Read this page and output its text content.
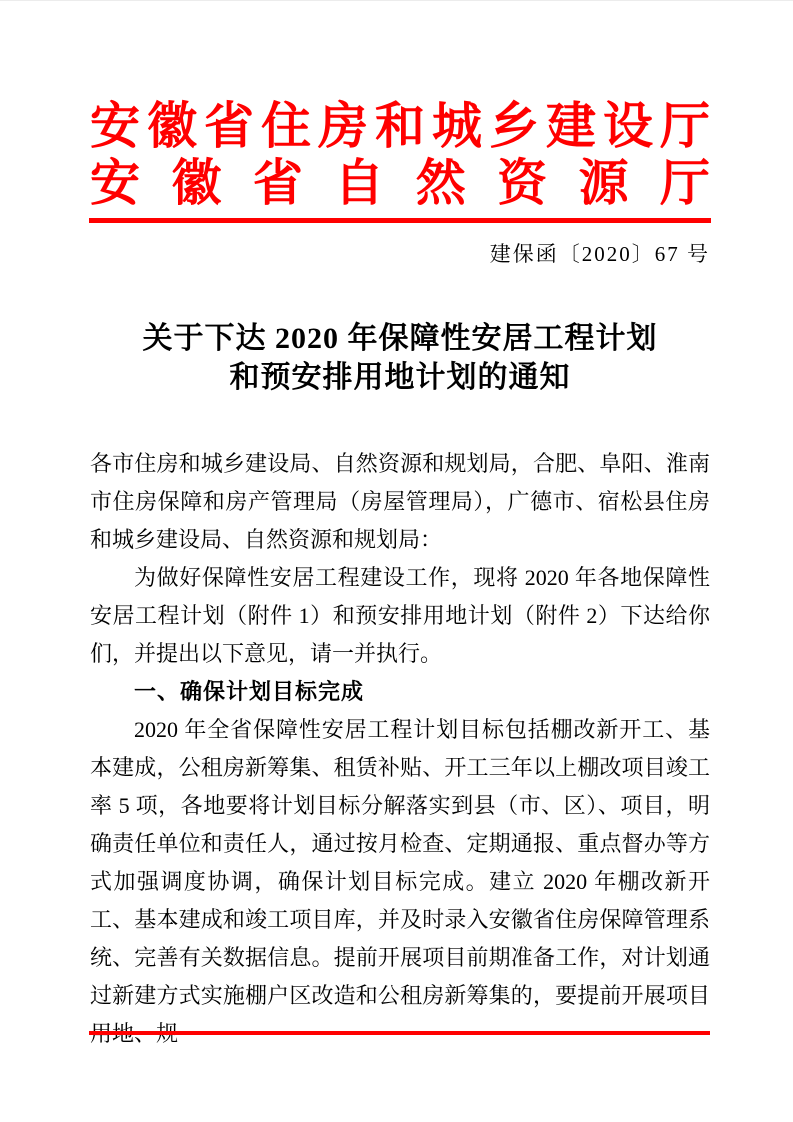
安徽省住房和城乡建设厅
安徽省自然资源厅
建保函〔2020〕67 号
关于下达 2020 年保障性安居工程计划
和预安排用地计划的通知

各市住房和城乡建设局、自然资源和规划局，合肥、阜阳、淮南市住房保障和房产管理局（房屋管理局），广德市、宿松县住房和城乡建设局、自然资源和规划局：

为做好保障性安居工程建设工作，现将 2020 年各地保障性安居工程计划（附件 1）和预安排用地计划（附件 2）下达给你们，并提出以下意见，请一并执行。

一、确保计划目标完成

2020 年全省保障性安居工程计划目标包括棚改新开工、基本建成，公租房新筹集、租赁补贴、开工三年以上棚改项目竣工率 5 项，各地要将计划目标分解落实到县（市、区）、项目，明确责任单位和责任人，通过按月检查、定期通报、重点督办等方式加强调度协调，确保计划目标完成。建立 2020 年棚改新开工、基本建成和竣工项目库，并及时录入安徽省住房保障管理系统、完善有关数据信息。提前开展项目前期准备工作，对计划通过新建方式实施棚户区改造和公租房新筹集的，要提前开展项目用地、规
